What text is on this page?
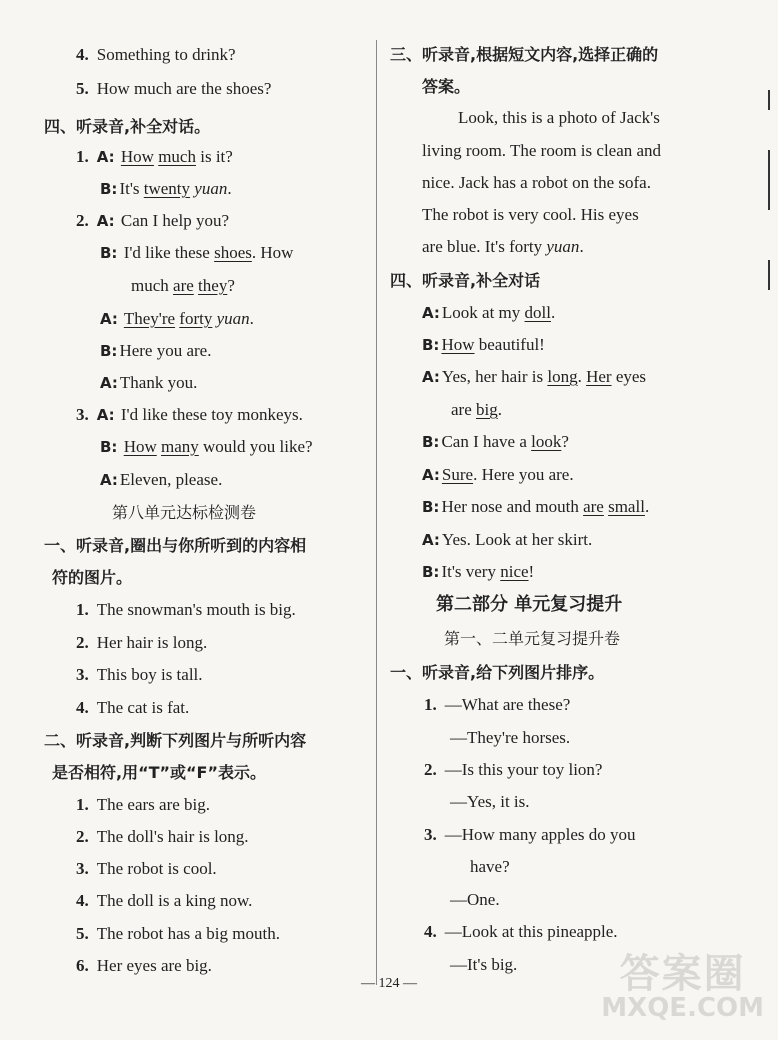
4. Something to drink?
5. How much are the shoes?
四、听录音,补全对话。
1. A: How much is it?
B: It's twenty yuan.
2. A: Can I help you?
B: I'd like these shoes. How
much are they?
A: They're forty yuan.
B: Here you are.
A: Thank you.
3. A: I'd like these toy monkeys.
B: How many would you like?
A: Eleven, please.
第八单元达标检测卷
一、听录音,圈出与你所听到的内容相
符的图片。
1. The snowman's mouth is big.
2. Her hair is long.
3. This boy is tall.
4. The cat is fat.
二、听录音,判断下列图片与所听内容
是否相符,用“T”或“F”表示。
1. The ears are big.
2. The doll's hair is long.
3. The robot is cool.
4. The doll is a king now.
5. The robot has a big mouth.
6. Her eyes are big.
三、听录音,根据短文内容,选择正确的
答案。
Look, this is a photo of Jack's
living room. The room is clean and
nice. Jack has a robot on the sofa.
The robot is very cool. His eyes
are blue. It's forty yuan.
四、听录音,补全对话
A: Look at my doll.
B: How beautiful!
A: Yes, her hair is long. Her eyes
are big.
B: Can I have a look?
A: Sure. Here you are.
B: Her nose and mouth are small.
A: Yes. Look at her skirt.
B: It's very nice!
第二部分 单元复习提升
第一、二单元复习提升卷
一、听录音,给下列图片排序。
1. —What are these?
—They're horses.
2. —Is this your toy lion?
—Yes, it is.
3. —How many apples do you
have?
—One.
4. —Look at this pineapple.
—It's big.
— 124 —	答案圈
MXQE.COM
